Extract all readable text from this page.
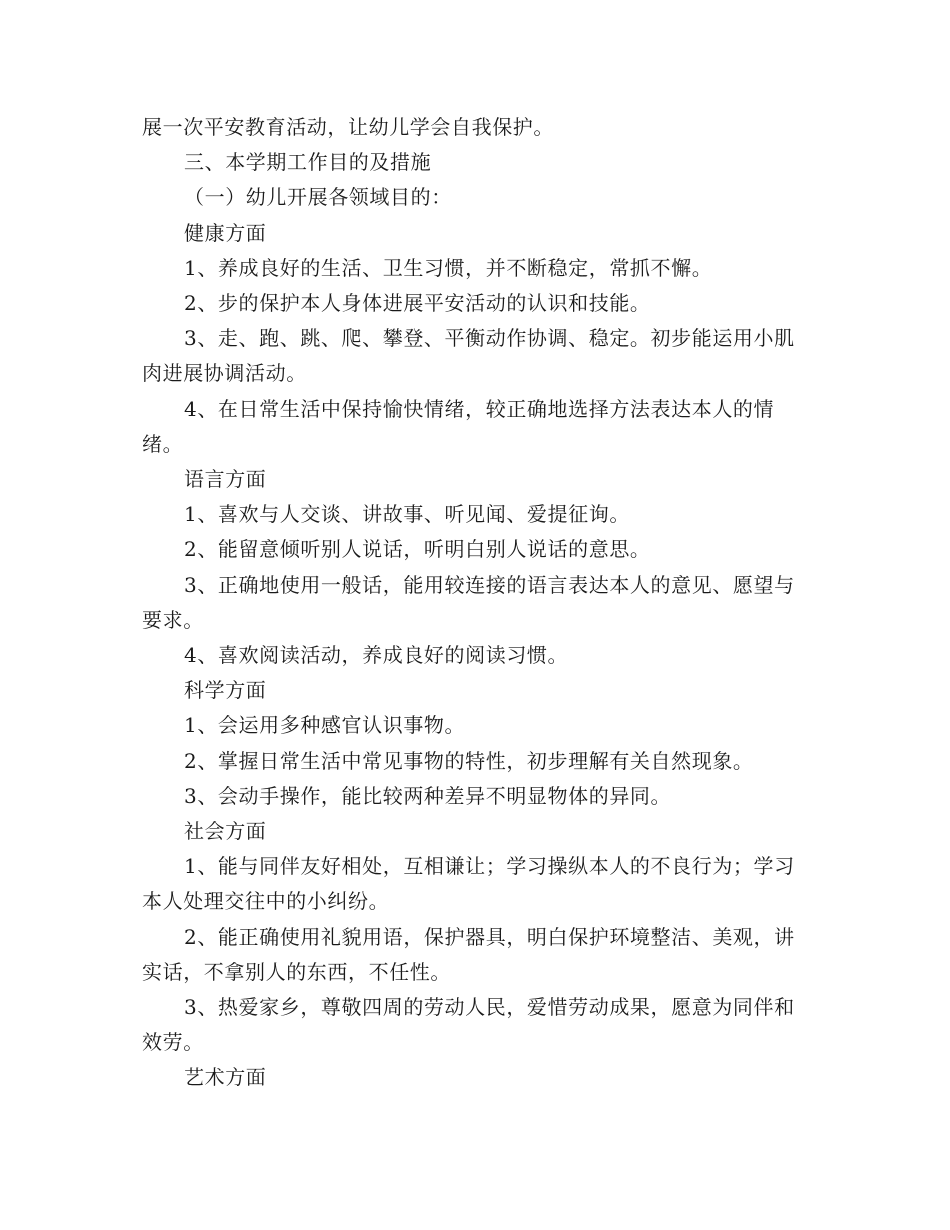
展一次平安教育活动，让幼儿学会自我保护。

三、本学期工作目的及措施

（一）幼儿开展各领域目的：

健康方面

1、养成良好的生活、卫生习惯，并不断稳定，常抓不懈。

2、步的保护本人身体进展平安活动的认识和技能。

3、走、跑、跳、爬、攀登、平衡动作协调、稳定。初步能运用小肌肉进展协调活动。

4、在日常生活中保持愉快情绪，较正确地选择方法表达本人的情绪。

语言方面

1、喜欢与人交谈、讲故事、听见闻、爱提征询。

2、能留意倾听别人说话，听明白别人说话的意思。

3、正确地使用一般话，能用较连接的语言表达本人的意见、愿望与要求。

4、喜欢阅读活动，养成良好的阅读习惯。

科学方面

1、会运用多种感官认识事物。

2、掌握日常生活中常见事物的特性，初步理解有关自然现象。

3、会动手操作，能比较两种差异不明显物体的异同。

社会方面

1、能与同伴友好相处，互相谦让；学习操纵本人的不良行为；学习本人处理交往中的小纠纷。

2、能正确使用礼貌用语，保护器具，明白保护环境整洁、美观，讲实话，不拿别人的东西，不任性。

3、热爱家乡，尊敬四周的劳动人民，爱惜劳动成果，愿意为同伴和效劳。

艺术方面
